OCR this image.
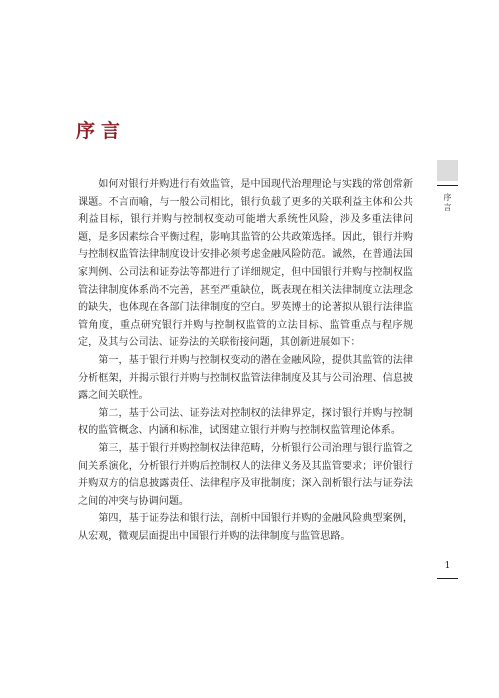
序言

如何对银行并购进行有效监管，是中国现代治理理论与实践的常创常新课题。不言而喻，与一般公司相比，银行负载了更多的关联利益主体和公共利益目标，银行并购与控制权变动可能增大系统性风险，涉及多重法律问题，是多因素综合平衡过程，影响其监管的公共政策选择。因此，银行并购与控制权监管法律制度设计安排必须考虑金融风险防范。诚然，在普通法国家判例、公司法和证券法等都进行了详细规定，但中国银行并购与控制权监管法律制度体系尚不完善，甚至严重缺位，既表现在相关法律制度立法理念的缺失，也体现在各部门法律制度的空白。罗英博士的论著拟从银行法律监管角度，重点研究银行并购与控制权监管的立法目标、监管重点与程序规定，及其与公司法、证券法的关联衔接问题，其创新进展如下：

第一，基于银行并购与控制权变动的潜在金融风险，提供其监管的法律分析框架，并揭示银行并购与控制权监管法律制度及其与公司治理、信息披露之间关联性。

第二，基于公司法、证券法对控制权的法律界定，探讨银行并购与控制权的监管概念、内涵和标准，试图建立银行并购与控制权监管理论体系。

第三，基于银行并购控制权法律范畴，分析银行公司治理与银行监管之间关系演化，分析银行并购后控制权人的法律义务及其监管要求；评价银行并购双方的信息披露责任、法律程序及审批制度；深入剖析银行法与证券法之间的冲突与协调问题。

第四，基于证券法和银行法，剖析中国银行并购的金融风险典型案例，从宏观，微观层面提出中国银行并购的法律制度与监管思路。

序
言
1
